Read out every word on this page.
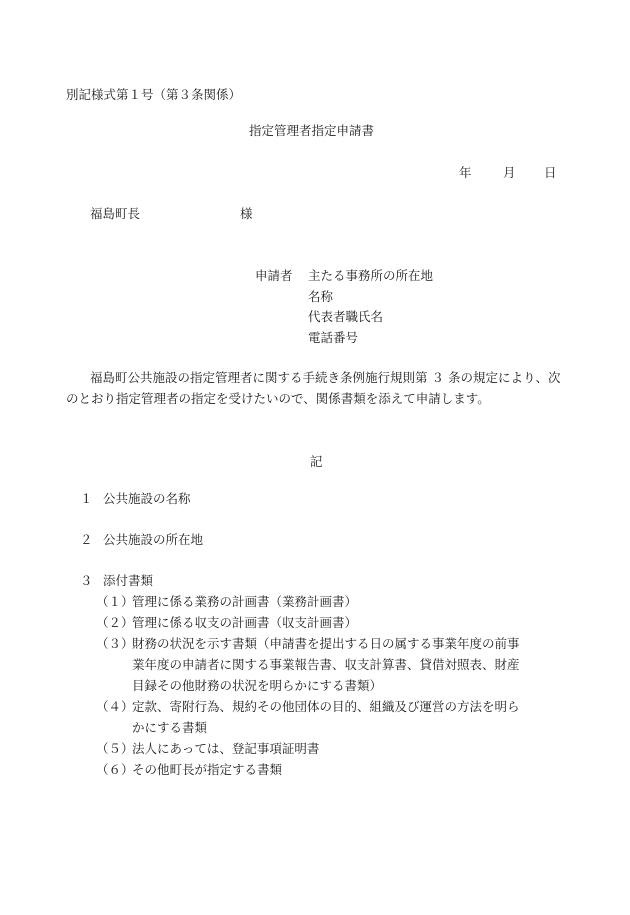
別記様式第１号（第３条関係）
指定管理者指定申請書
年	月 日
福島町長	様
申請者 主たる事務所の所在地
名称
代表者職氏名
電話番号
福島町公共施設の指定管理者に関する手続き条例施行規則第 ３ 条の規定により、次のとおり指定管理者の指定を受けたいので、関係書類を添えて申請します。
記
１ 公共施設の名称
２ 公共施設の所在地
３ 添付書類
（１）
管理に係る業務の計画書（業務計画書）
（２）
管理に係る収支の計画書（収支計画書）
（３）
財務の状況を示す書類（申請書を提出する日の属する事業年度の前事業年度の申請者に関する事業報告書、収支計算書、貸借対照表、財産目録その他財務の状況を明らかにする書類）
（４）
定款、寄附行為、規約その他団体の目的、組織及び運営の方法を明らかにする書類
（５）
法人にあっては、登記事項証明書
（６）
その他町長が指定する書類
